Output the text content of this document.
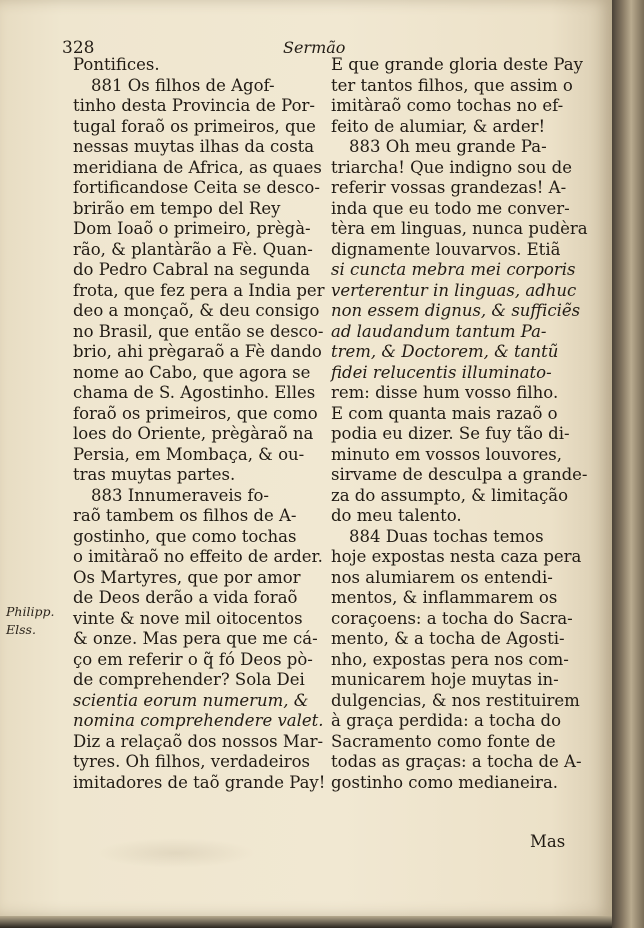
328	Sermão
Pontifices.
881 Os filhos de Agof-
tinho desta Provincia de Por-
tugal foraõ os primeiros, que
nessas muytas ilhas da costa
meridiana de Africa, as quaes
fortificandose Ceita se desco-
brirão em tempo del Rey
Dom Ioaõ o primeiro, prègà-
rão, & plantàrão a Fè. Quan-
do Pedro Cabral na segunda
frota, que fez pera a India per
deo a monçaõ, & deu consigo
no Brasil, que então se desco-
brio, ahi prègaraõ a Fè dando
nome ao Cabo, que agora se
chama de S. Agostinho. Elles
foraõ os primeiros, que como
loes do Oriente, prègàraõ na
Persia, em Mombaça, & ou-
tras muytas partes.
883 Innumeraveis fo-
raõ tambem os filhos de A-
gostinho, que como tochas
o imitàraõ no effeito de arder.
Os Martyres, que por amor
de Deos derão a vida foraõ
vinte & nove mil oitocentos
& onze. Mas pera que me cá-
ço em referir o q̃ fó Deos pò-
de comprehender? Sola Dei
scientia eorum numerum, &
nomina comprehendere valet.
Diz a relaçaõ dos nossos Mar-
tyres. Oh filhos, verdadeiros
imitadores de taõ grande Pay!
E que grande gloria deste Pay
ter tantos filhos, que assim o
imitàraõ como tochas no ef-
feito de alumiar, & arder!
883 Oh meu grande Pa-
triarcha! Que indigno sou de
referir vossas grandezas! A-
inda que eu todo me conver-
tèra em linguas, nunca pudèra
dignamente louvarvos. Etiã
si cuncta mebra mei corporis
verterentur in linguas, adhuc
non essem dignus, & sufficiẽs
ad laudandum tantum Pa-
trem, & Doctorem, & tantũ
fidei relucentis illuminato-
rem: disse hum vosso filho.
E com quanta mais razaõ o
podia eu dizer. Se fuy tão di-
minuto em vossos louvores,
sirvame de desculpa a grande-
za do assumpto, & limitação
do meu talento.
884 Duas tochas temos
hoje expostas nesta caza pera
nos alumiarem os entendi-
mentos, & inflammarem os
coraçoens: a tocha do Sacra-
mento, & a tocha de Agosti-
nho, expostas pera nos com-
municarem hoje muytas in-
dulgencias, & nos restituirem
à graça perdida: a tocha do
Sacramento como fonte de
todas as graças: a tocha de A-
gostinho como medianeira.
Philipp.
Elss.
Mas
